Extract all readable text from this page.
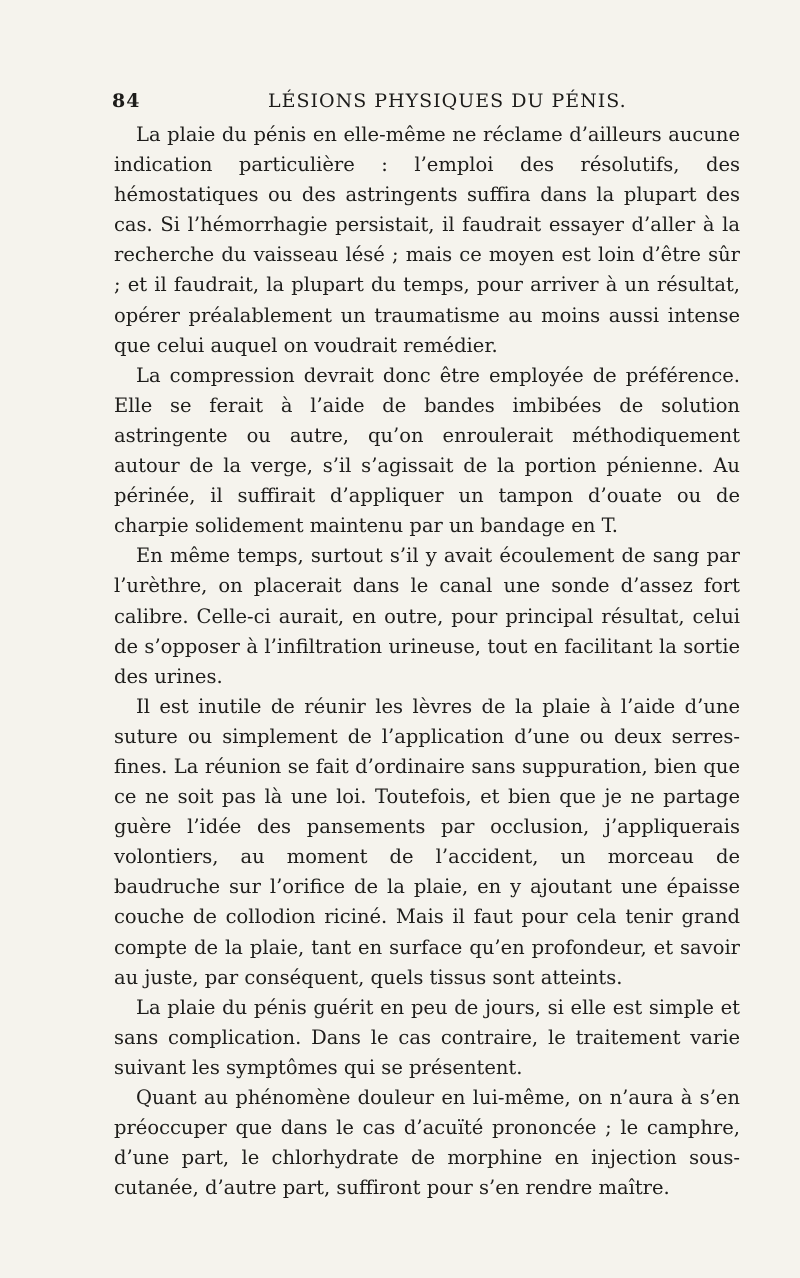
84	LÉSIONS PHYSIQUES DU PÉNIS.

La plaie du pénis en elle-même ne réclame d’ailleurs aucune indication particulière : l’emploi des résolutifs, des hémostatiques ou des astringents suffira dans la plupart des cas. Si l’hémorrhagie persistait, il faudrait essayer d’aller à la recherche du vaisseau lésé ; mais ce moyen est loin d’être sûr ; et il faudrait, la plupart du temps, pour arriver à un résultat, opérer préalablement un traumatisme au moins aussi intense que celui auquel on voudrait remédier.

La compression devrait donc être employée de préférence. Elle se ferait à l’aide de bandes imbibées de solution astringente ou autre, qu’on enroulerait méthodiquement autour de la verge, s’il s’agissait de la portion pénienne. Au périnée, il suffirait d’appliquer un tampon d’ouate ou de charpie solidement maintenu par un bandage en T.

En même temps, surtout s’il y avait écoulement de sang par l’urèthre, on placerait dans le canal une sonde d’assez fort calibre. Celle-ci aurait, en outre, pour principal résultat, celui de s’opposer à l’infiltration urineuse, tout en facilitant la sortie des urines.

Il est inutile de réunir les lèvres de la plaie à l’aide d’une suture ou simplement de l’application d’une ou deux serres-fines. La réunion se fait d’ordinaire sans suppuration, bien que ce ne soit pas là une loi. Toutefois, et bien que je ne partage guère l’idée des pansements par occlusion, j’appliquerais volontiers, au moment de l’accident, un morceau de baudruche sur l’orifice de la plaie, en y ajoutant une épaisse couche de collodion riciné. Mais il faut pour cela tenir grand compte de la plaie, tant en surface qu’en profondeur, et savoir au juste, par conséquent, quels tissus sont atteints.

La plaie du pénis guérit en peu de jours, si elle est simple et sans complication. Dans le cas contraire, le traitement varie suivant les symptômes qui se présentent.

Quant au phénomène douleur en lui-même, on n’aura à s’en préoccuper que dans le cas d’acuïté prononcée ; le camphre, d’une part, le chlorhydrate de morphine en injection sous-cutanée, d’autre part, suffiront pour s’en rendre maître.
